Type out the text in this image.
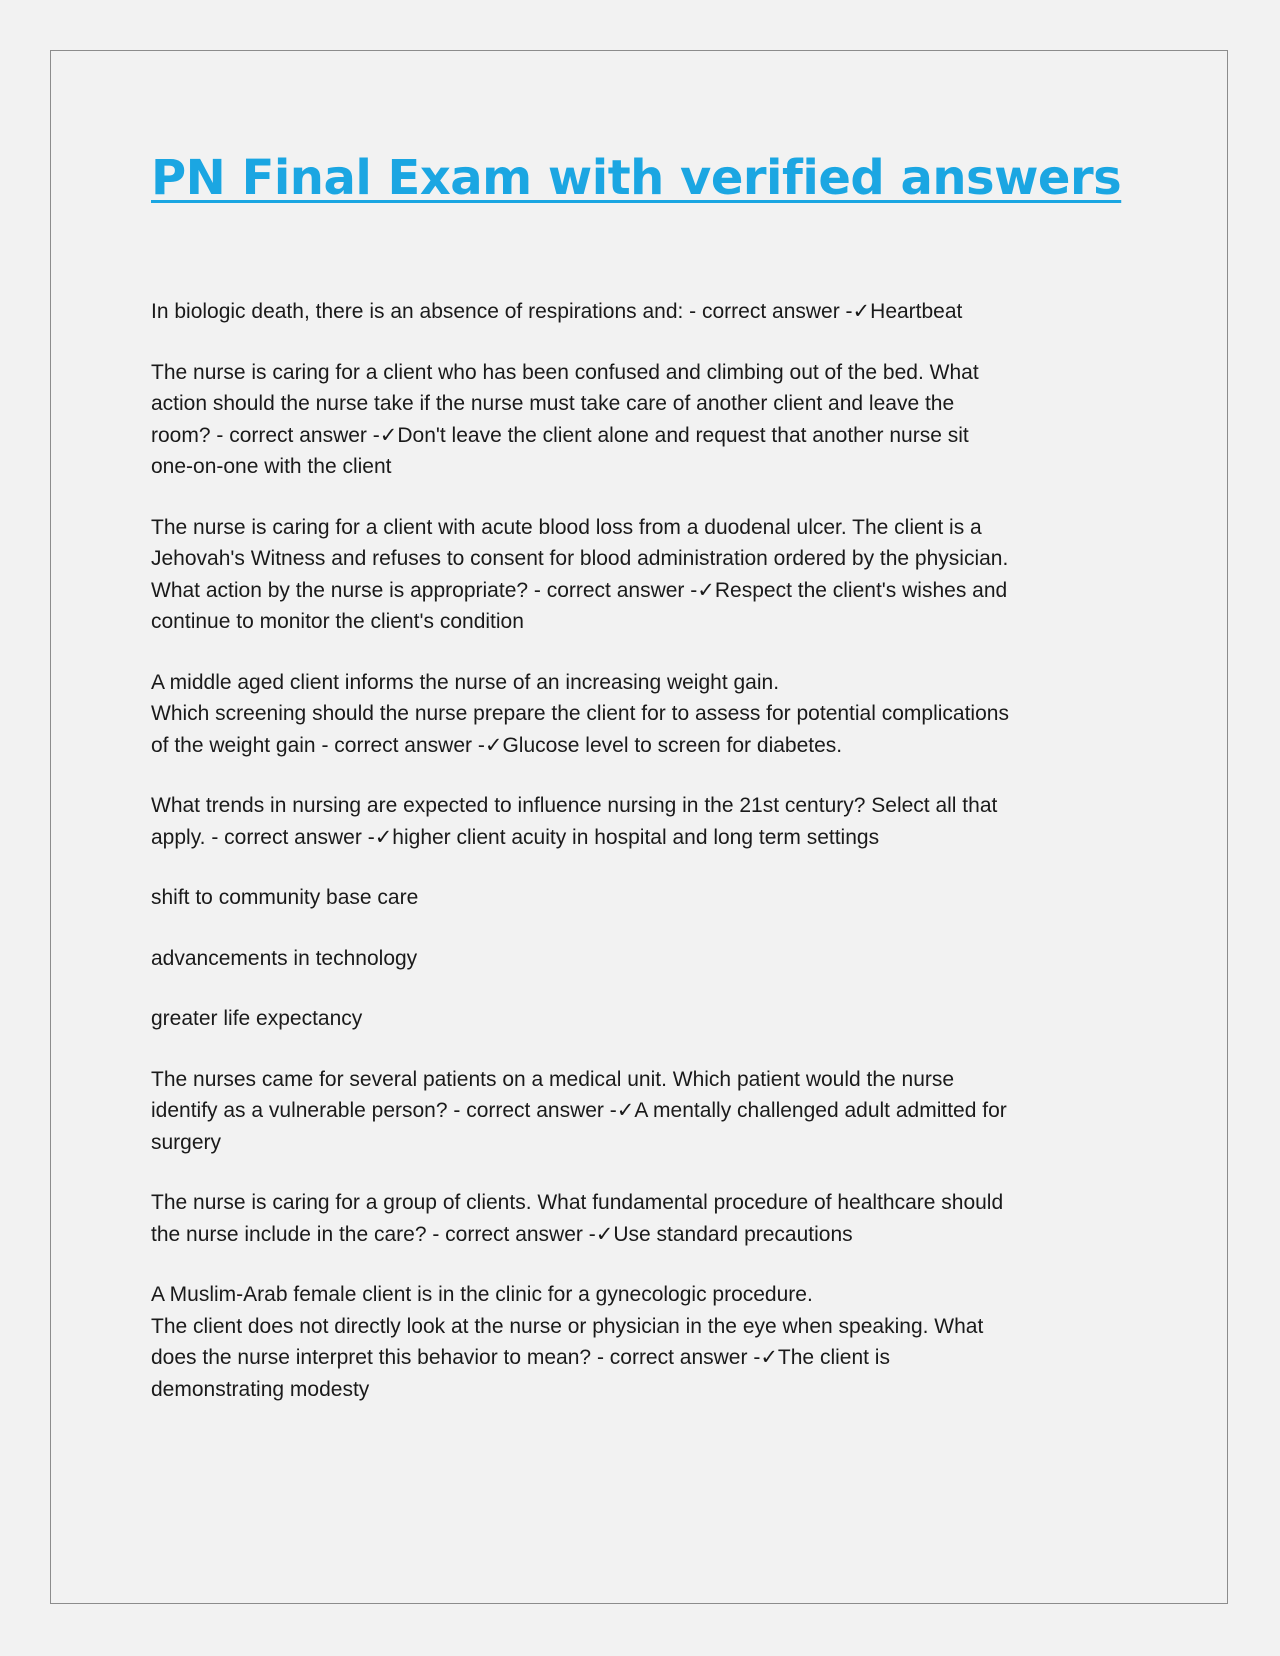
PN Final Exam with verified answers

In biologic death, there is an absence of respirations and: - correct answer -✓Heartbeat

The nurse is caring for a client who has been confused and climbing out of the bed. What
action should the nurse take if the nurse must take care of another client and leave the
room? - correct answer -✓Don't leave the client alone and request that another nurse sit
one-on-one with the client

The nurse is caring for a client with acute blood loss from a duodenal ulcer. The client is a
Jehovah's Witness and refuses to consent for blood administration ordered by the physician.
What action by the nurse is appropriate? - correct answer -✓Respect the client's wishes and
continue to monitor the client's condition

A middle aged client informs the nurse of an increasing weight gain.
Which screening should the nurse prepare the client for to assess for potential complications
of the weight gain - correct answer -✓Glucose level to screen for diabetes.

What trends in nursing are expected to influence nursing in the 21st century? Select all that
apply. - correct answer -✓higher client acuity in hospital and long term settings

shift to community base care

advancements in technology

greater life expectancy

The nurses came for several patients on a medical unit. Which patient would the nurse
identify as a vulnerable person? - correct answer -✓A mentally challenged adult admitted for
surgery

The nurse is caring for a group of clients. What fundamental procedure of healthcare should
the nurse include in the care? - correct answer -✓Use standard precautions

A Muslim-Arab female client is in the clinic for a gynecologic procedure.
The client does not directly look at the nurse or physician in the eye when speaking. What
does the nurse interpret this behavior to mean? - correct answer -✓The client is
demonstrating modesty
